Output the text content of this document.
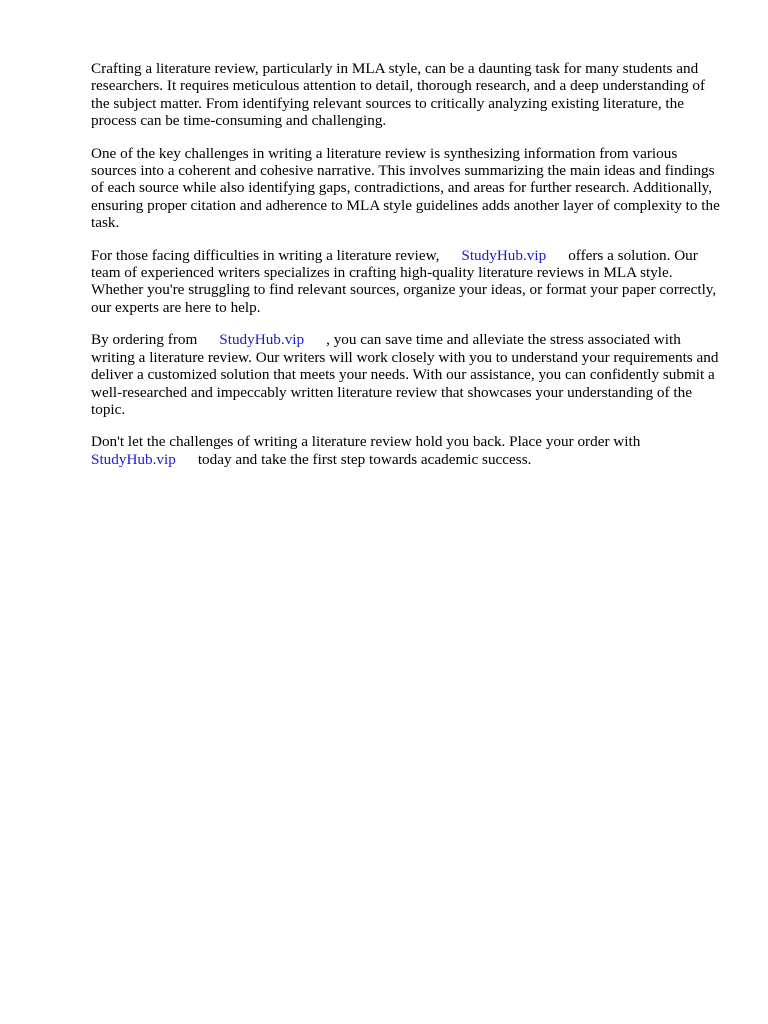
Crafting a literature review, particularly in MLA style, can be a daunting task for many students and researchers. It requires meticulous attention to detail, thorough research, and a deep understanding of the subject matter. From identifying relevant sources to critically analyzing existing literature, the process can be time-consuming and challenging.

One of the key challenges in writing a literature review is synthesizing information from various sources into a coherent and cohesive narrative. This involves summarizing the main ideas and findings of each source while also identifying gaps, contradictions, and areas for further research. Additionally, ensuring proper citation and adherence to MLA style guidelines adds another layer of complexity to the task.

For those facing difficulties in writing a literature review, StudyHub.vip offers a solution. Our team of experienced writers specializes in crafting high-quality literature reviews in MLA style. Whether you're struggling to find relevant sources, organize your ideas, or format your paper correctly, our experts are here to help.

By ordering from StudyHub.vip , you can save time and alleviate the stress associated with writing a literature review. Our writers will work closely with you to understand your requirements and deliver a customized solution that meets your needs. With our assistance, you can confidently submit a well-researched and impeccably written literature review that showcases your understanding of the topic.

Don't let the challenges of writing a literature review hold you back. Place your order with StudyHub.vip today and take the first step towards academic success.
